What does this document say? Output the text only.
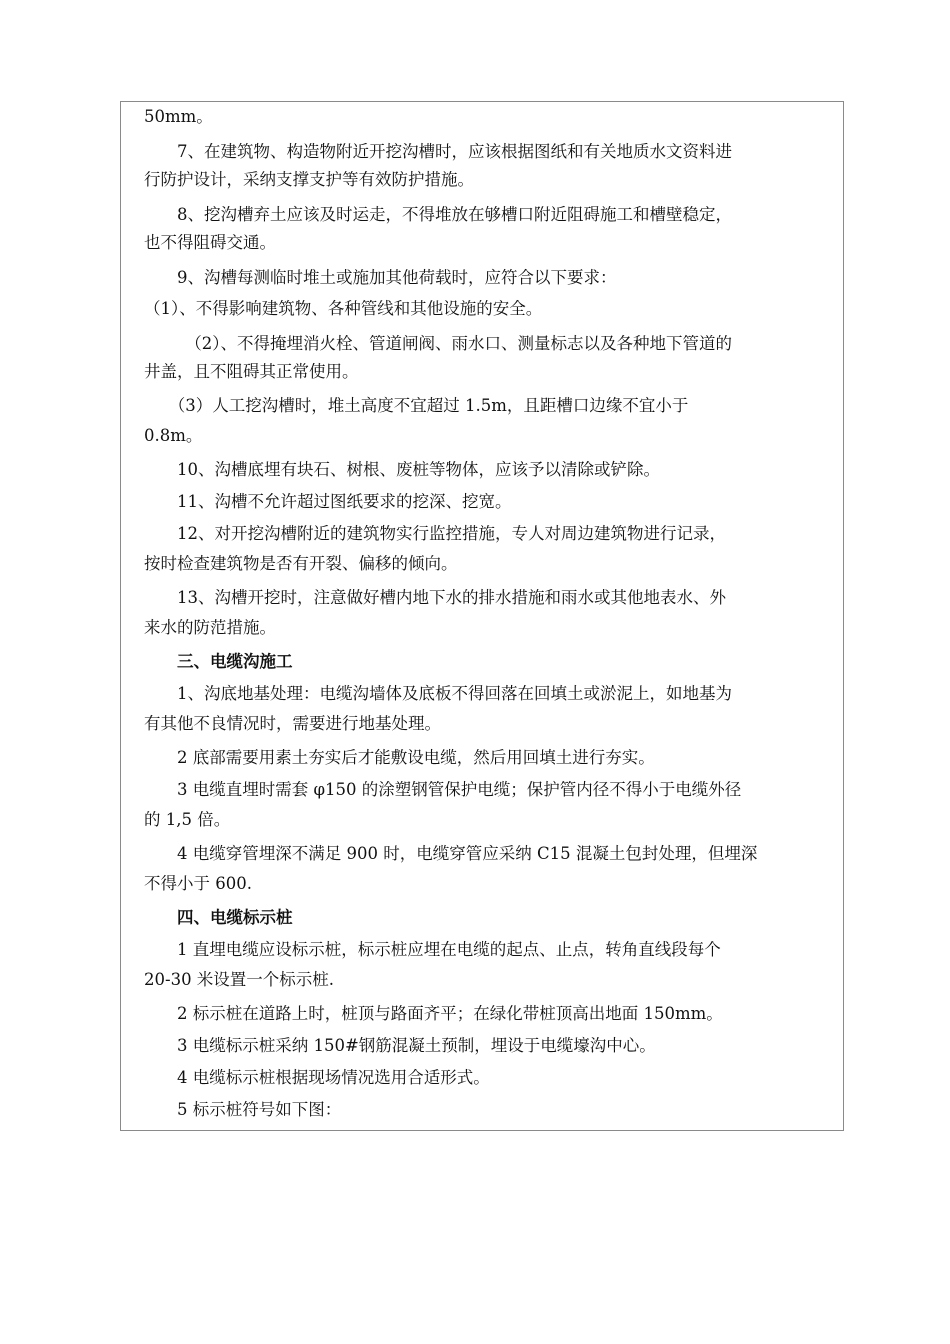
50mm。

　　7、在建筑物、构造物附近开挖沟槽时，应该根据图纸和有关地质水文资料进

行防护设计，采纳支撑支护等有效防护措施。

　　8、挖沟槽弃土应该及时运走，不得堆放在够槽口附近阻碍施工和槽壁稳定，

也不得阻碍交通。

　　9、沟槽每测临时堆土或施加其他荷载时，应符合以下要求：

（1）、不得影响建筑物、各种管线和其他设施的安全。

　　　（2）、不得掩埋消火栓、管道闸阀、雨水口、测量标志以及各种地下管道的

井盖，且不阻碍其正常使用。

　　（3）人工挖沟槽时，堆土高度不宜超过 1.5m，且距槽口边缘不宜小于

0.8m。

　　10、沟槽底埋有块石、树根、废桩等物体，应该予以清除或铲除。

　　11、沟槽不允许超过图纸要求的挖深、挖宽。

　　12、对开挖沟槽附近的建筑物实行监控措施，专人对周边建筑物进行记录，

按时检查建筑物是否有开裂、偏移的倾向。

　　13、沟槽开挖时，注意做好槽内地下水的排水措施和雨水或其他地表水、外

来水的防范措施。

　　三、电缆沟施工

　　1、沟底地基处理：电缆沟墙体及底板不得回落在回填土或淤泥上，如地基为

有其他不良情况时，需要进行地基处理。

　　2 底部需要用素土夯实后才能敷设电缆，然后用回填土进行夯实。

　　3 电缆直埋时需套 φ150 的涂塑钢管保护电缆；保护管内径不得小于电缆外径

的 1,5 倍。

　　4 电缆穿管埋深不满足 900 时，电缆穿管应采纳 C15 混凝土包封处理，但埋深

不得小于 600.

　　四、电缆标示桩

　　1 直埋电缆应设标示桩，标示桩应埋在电缆的起点、止点，转角直线段每个

20-30 米设置一个标示桩.

　　2 标示桩在道路上时，桩顶与路面齐平；在绿化带桩顶高出地面 150mm。

　　3 电缆标示桩采纳 150#钢筋混凝土预制，埋设于电缆壕沟中心。

　　4 电缆标示桩根据现场情况选用合适形式。

　　5 标示桩符号如下图：
